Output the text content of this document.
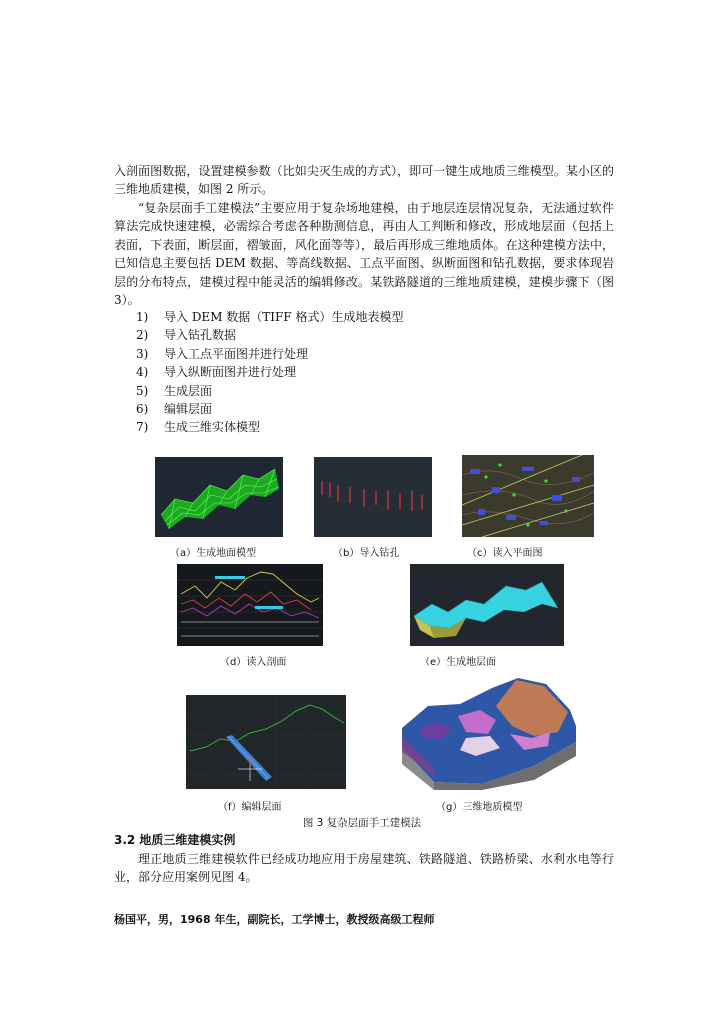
入剖面图数据，设置建模参数（比如尖灭生成的方式），即可一键生成地质三维模型。某小区的三维地质建模，如图 2 所示。
“复杂层面手工建模法”主要应用于复杂场地建模，由于地层连层情况复杂，无法通过软件算法完成快速建模，必需综合考虑各种勘测信息，再由人工判断和修改，形成地层面（包括上表面，下表面，断层面，褶皱面，风化面等等），最后再形成三维地质体。在这种建模方法中，已知信息主要包括 DEM 数据、等高线数据、工点平面图、纵断面图和钻孔数据，要求体现岩层的分布特点，建模过程中能灵活的编辑修改。某铁路隧道的三维地质建模，建模步骤下（图 3）。
1) 导入 DEM 数据（TIFF 格式）生成地表模型
2) 导入钻孔数据
3) 导入工点平面图并进行处理
4) 导入纵断面图并进行处理
5) 生成层面
6) 编辑层面
7) 生成三维实体模型
（a）生成地面模型	（b）导入钻孔	（c）读入平面图
（d）读入剖面	（e）生成地层面
（f）编辑层面	（g）三维地质模型
图 3 复杂层面手工建模法
3.2 地质三维建模实例
理正地质三维建模软件已经成功地应用于房屋建筑、铁路隧道、铁路桥梁、水利水电等行业，部分应用案例见图 4。
杨国平，男，1968 年生，副院长，工学博士，教授级高级工程师
